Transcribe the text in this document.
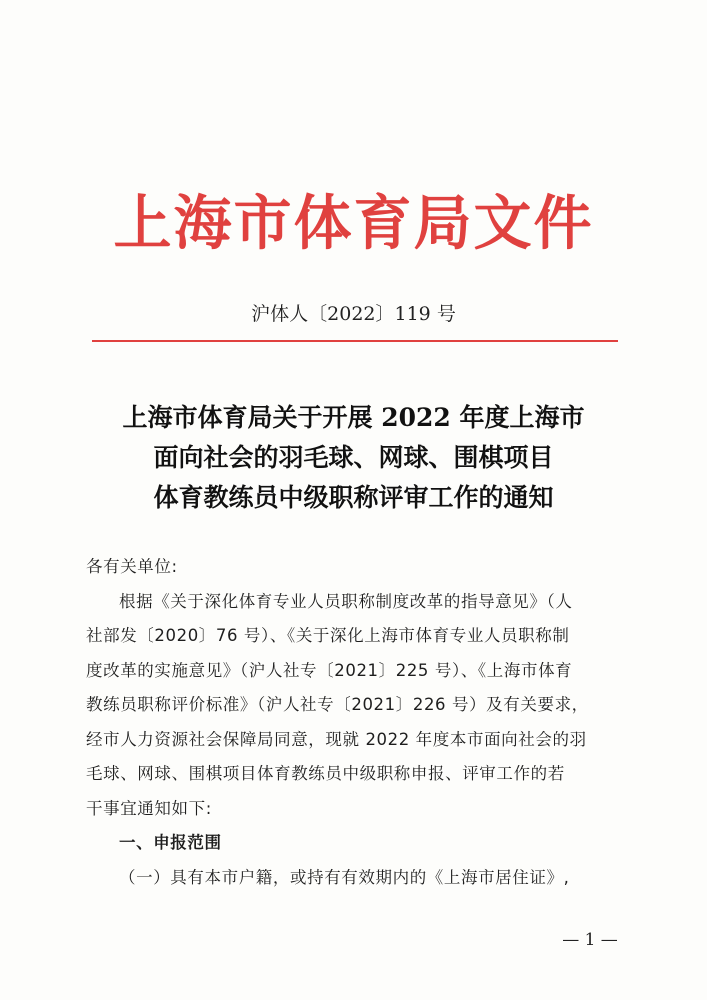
上海市体育局文件
沪体人〔2022〕119 号
上海市体育局关于开展 2022 年度上海市
面向社会的羽毛球、网球、围棋项目
体育教练员中级职称评审工作的通知
各有关单位:
根据《关于深化体育专业人员职称制度改革的指导意见》（人
社部发〔2020〕76 号）、《关于深化上海市体育专业人员职称制
度改革的实施意见》（沪人社专〔2021〕225 号）、《上海市体育
教练员职称评价标准》（沪人社专〔2021〕226 号）及有关要求，
经市人力资源社会保障局同意，现就 2022 年度本市面向社会的羽
毛球、网球、围棋项目体育教练员中级职称申报、评审工作的若
干事宜通知如下:
一、申报范围
（一）具有本市户籍，或持有有效期内的《上海市居住证》,
— 1 —
